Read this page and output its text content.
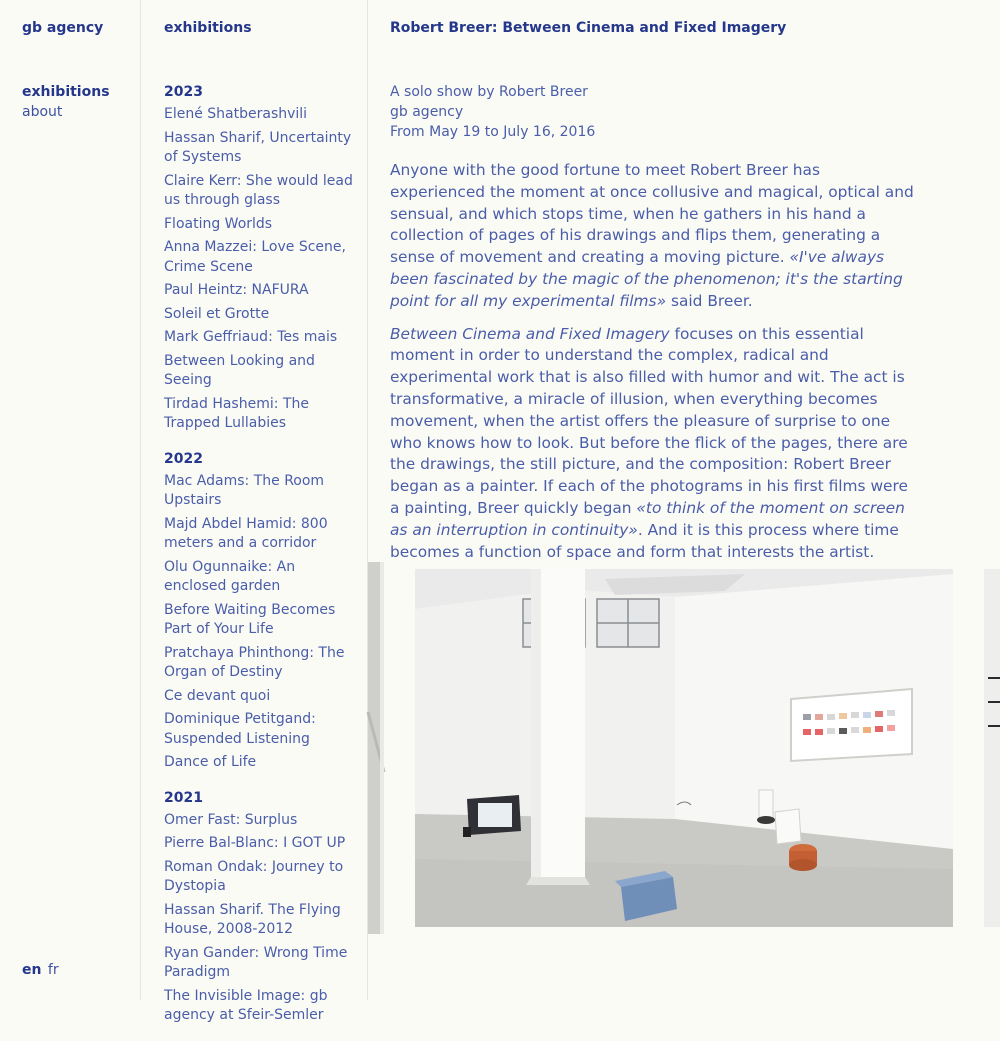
gb agency
exhibitions
about
en fr
exhibitions
2023
Elené Shatberashvili
Hassan Sharif, Uncertainty of Systems
Claire Kerr: She would lead us through glass
Floating Worlds
Anna Mazzei: Love Scene, Crime Scene
Paul Heintz: NAFURA
Soleil et Grotte
Mark Geffriaud: Tes mais
Between Looking and Seeing
Tirdad Hashemi: The Trapped Lullabies
2022
Mac Adams: The Room Upstairs
Majd Abdel Hamid: 800 meters and a corridor
Olu Ogunnaike: An enclosed garden
Before Waiting Becomes Part of Your Life
Pratchaya Phinthong: The Organ of Destiny
Ce devant quoi
Dominique Petitgand: Suspended Listening
Dance of Life
2021
Omer Fast: Surplus
Pierre Bal-Blanc: I GOT UP
Roman Ondak: Journey to Dystopia
Hassan Sharif. The Flying House, 2008-2012
Ryan Gander: Wrong Time Paradigm
The Invisible Image: gb agency at Sfeir-Semler
Robert Breer: Between Cinema and Fixed Imagery
A solo show by Robert Breer
gb agency
From May 19 to July 16, 2016

Anyone with the good fortune to meet Robert Breer has experienced the moment at once collusive and magical, optical and sensual, and which stops time, when he gathers in his hand a collection of pages of his drawings and flips them, generating a sense of movement and creating a moving picture. «I've always been fascinated by the magic of the phenomenon; it's the starting point for all my experimental films» said Breer.

Between Cinema and Fixed Imagery focuses on this essential moment in order to understand the complex, radical and experimental work that is also filled with humor and wit. The act is transformative, a miracle of illusion, when everything becomes movement, when the artist offers the pleasure of surprise to one who knows how to look. But before the flick of the pages, there are the drawings, the still picture, and the composition: Robert Breer began as a painter. If each of the photograms in his first films were a painting, Breer quickly began «to think of the moment on screen as an interruption in continuity». And it is this process where time becomes a function of space and form that interests the artist.
